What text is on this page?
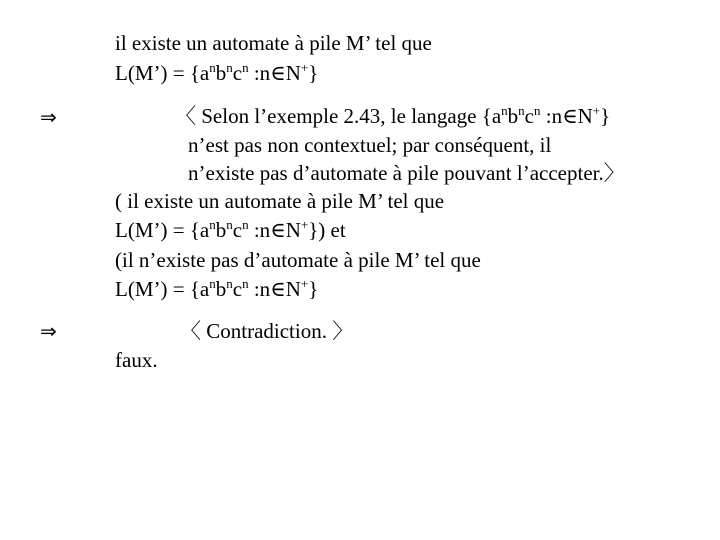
il existe un automate à pile M’ tel que
L(M’) = {$a^nb^nc^n$ :n∈N+}
⇒	〈 Selon l’exemple 2.43, le langage {$a^nb^nc^n$ :n∈N+}
n’est pas non contextuel; par conséquent, il
n’existe pas d’automate à pile pouvant l’accepter.〉
( il existe un automate à pile M’ tel que
L(M’) = {$a^nb^nc^n$ :n∈N+}) et
(il n’existe pas d’automate à pile M’ tel que
L(M’) = {$a^nb^nc^n$ :n∈N+}
⇒	〈 Contradiction. 〉
faux.
